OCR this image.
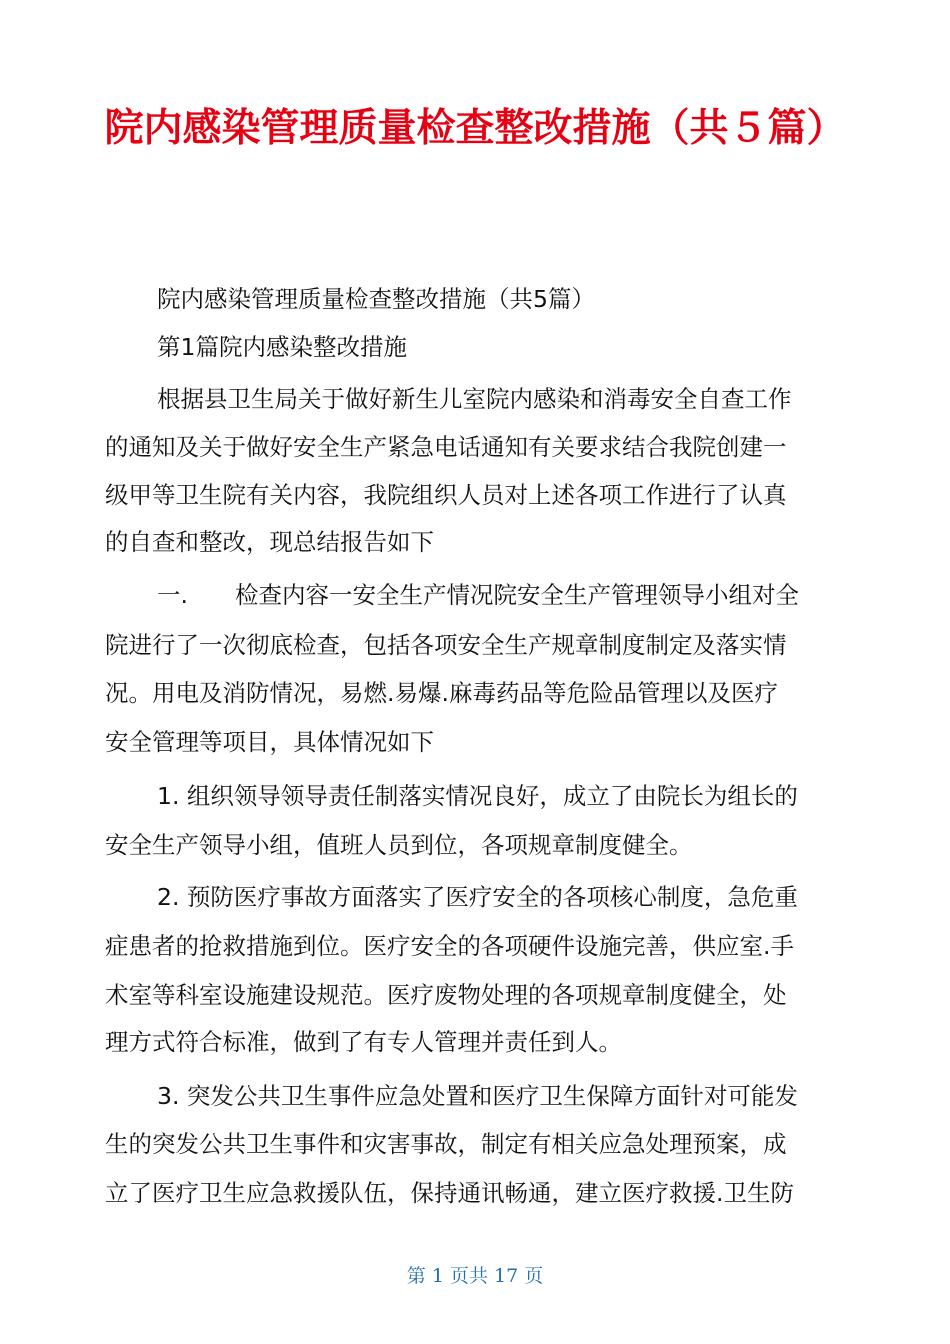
院内感染管理质量检查整改措施（共５篇）
院内感染管理质量检查整改措施（共5篇）
第1篇院内感染整改措施
根据县卫生局关于做好新生儿室院内感染和消毒安全自查工作
的通知及关于做好安全生产紧急电话通知有关要求结合我院创建一
级甲等卫生院有关内容，我院组织人员对上述各项工作进行了认真
的自查和整改，现总结报告如下
一.　　检查内容一安全生产情况院安全生产管理领导小组对全
院进行了一次彻底检查，包括各项安全生产规章制度制定及落实情
况。用电及消防情况，易燃.易爆.麻毒药品等危险品管理以及医疗
安全管理等项目，具体情况如下
1. 组织领导领导责任制落实情况良好，成立了由院长为组长的
安全生产领导小组，值班人员到位，各项规章制度健全。
2. 预防医疗事故方面落实了医疗安全的各项核心制度，急危重
症患者的抢救措施到位。医疗安全的各项硬件设施完善，供应室.手
术室等科室设施建设规范。医疗废物处理的各项规章制度健全，处
理方式符合标准，做到了有专人管理并责任到人。
3. 突发公共卫生事件应急处置和医疗卫生保障方面针对可能发
生的突发公共卫生事件和灾害事故，制定有相关应急处理预案，成
立了医疗卫生应急救援队伍，保持通讯畅通，建立医疗救援.卫生防
第 1 页共 17 页
